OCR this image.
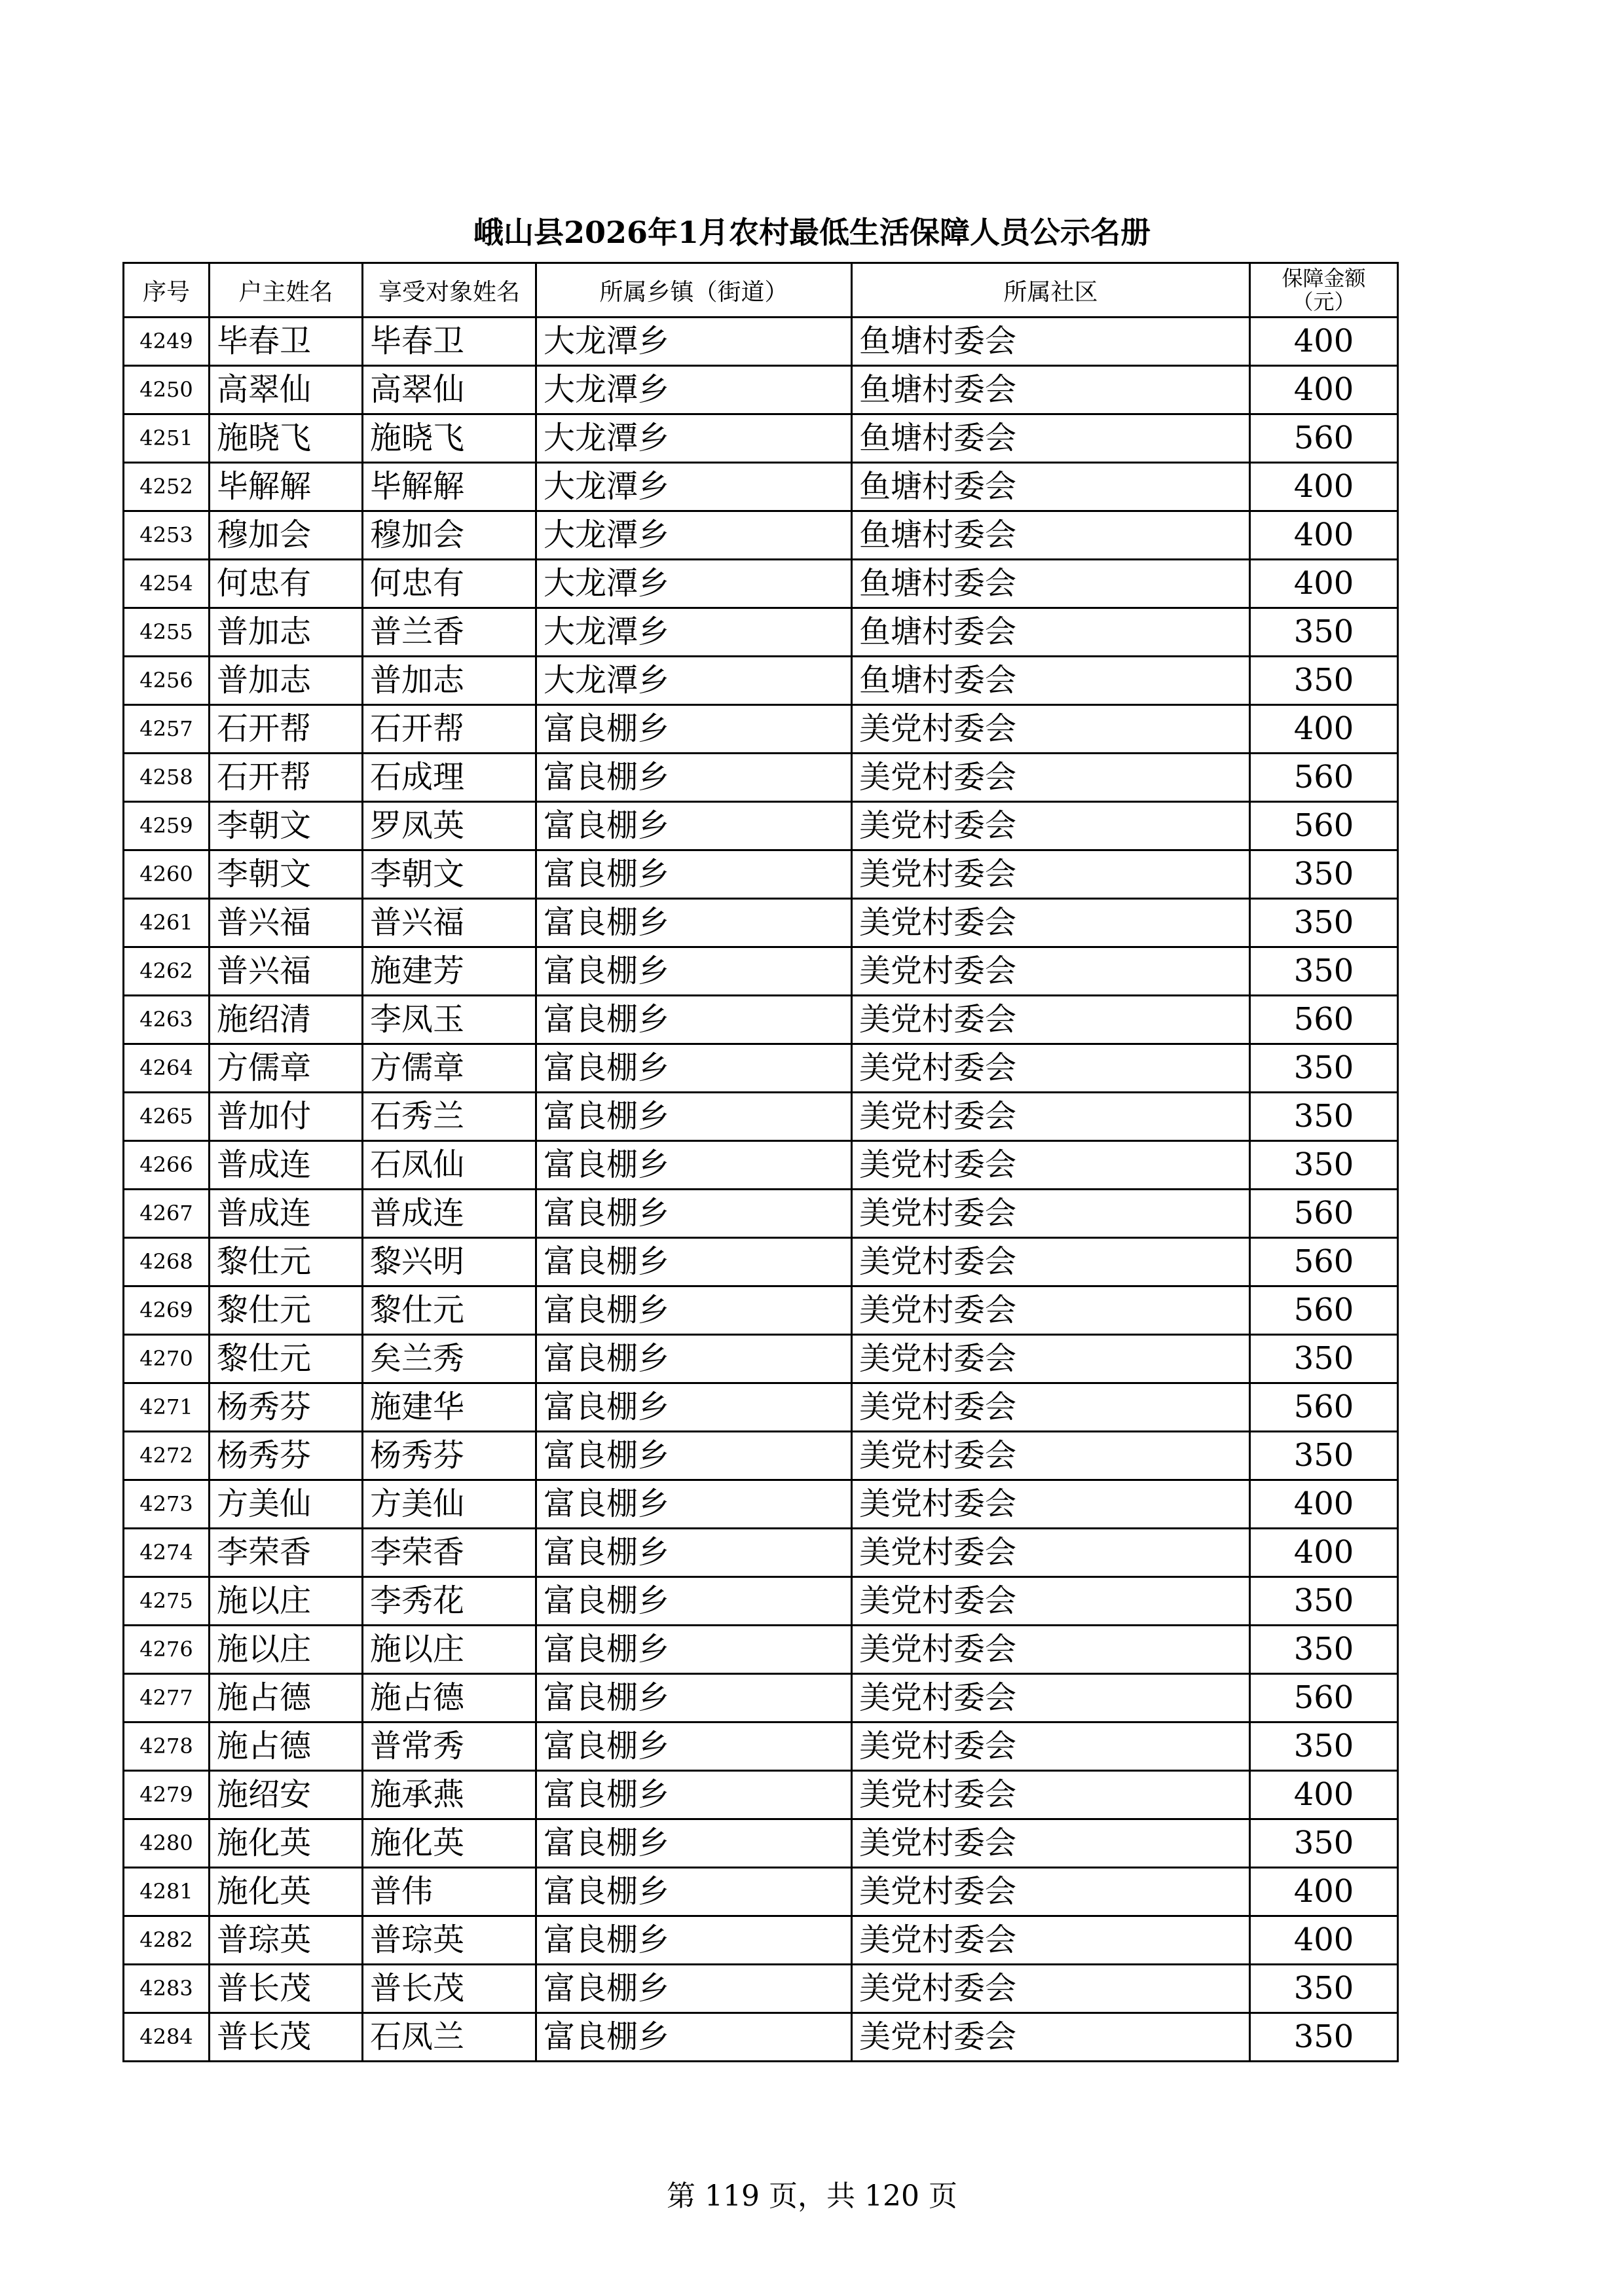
峨山县2026年1月农村最低生活保障人员公示名册
序号	户主姓名	享受对象姓名	所属乡镇（街道）	所属社区	保障金额
（元）

4249	毕春卫	毕春卫	大龙潭乡	鱼塘村委会	400
4250	高翠仙	高翠仙	大龙潭乡	鱼塘村委会	400
4251	施晓飞	施晓飞	大龙潭乡	鱼塘村委会	560
4252	毕解解	毕解解	大龙潭乡	鱼塘村委会	400
4253	穆加会	穆加会	大龙潭乡	鱼塘村委会	400
4254	何忠有	何忠有	大龙潭乡	鱼塘村委会	400
4255	普加志	普兰香	大龙潭乡	鱼塘村委会	350
4256	普加志	普加志	大龙潭乡	鱼塘村委会	350
4257	石开帮	石开帮	富良棚乡	美党村委会	400
4258	石开帮	石成理	富良棚乡	美党村委会	560
4259	李朝文	罗凤英	富良棚乡	美党村委会	560
4260	李朝文	李朝文	富良棚乡	美党村委会	350
4261	普兴福	普兴福	富良棚乡	美党村委会	350
4262	普兴福	施建芳	富良棚乡	美党村委会	350
4263	施绍清	李凤玉	富良棚乡	美党村委会	560
4264	方儒章	方儒章	富良棚乡	美党村委会	350
4265	普加付	石秀兰	富良棚乡	美党村委会	350
4266	普成连	石凤仙	富良棚乡	美党村委会	350
4267	普成连	普成连	富良棚乡	美党村委会	560
4268	黎仕元	黎兴明	富良棚乡	美党村委会	560
4269	黎仕元	黎仕元	富良棚乡	美党村委会	560
4270	黎仕元	矣兰秀	富良棚乡	美党村委会	350
4271	杨秀芬	施建华	富良棚乡	美党村委会	560
4272	杨秀芬	杨秀芬	富良棚乡	美党村委会	350
4273	方美仙	方美仙	富良棚乡	美党村委会	400
4274	李荣香	李荣香	富良棚乡	美党村委会	400
4275	施以庄	李秀花	富良棚乡	美党村委会	350
4276	施以庄	施以庄	富良棚乡	美党村委会	350
4277	施占德	施占德	富良棚乡	美党村委会	560
4278	施占德	普常秀	富良棚乡	美党村委会	350
4279	施绍安	施承燕	富良棚乡	美党村委会	400
4280	施化英	施化英	富良棚乡	美党村委会	350
4281	施化英	普伟	富良棚乡	美党村委会	400
4282	普琮英	普琮英	富良棚乡	美党村委会	400
4283	普长茂	普长茂	富良棚乡	美党村委会	350
4284	普长茂	石凤兰	富良棚乡	美党村委会	350
第 119 页，共 120 页
